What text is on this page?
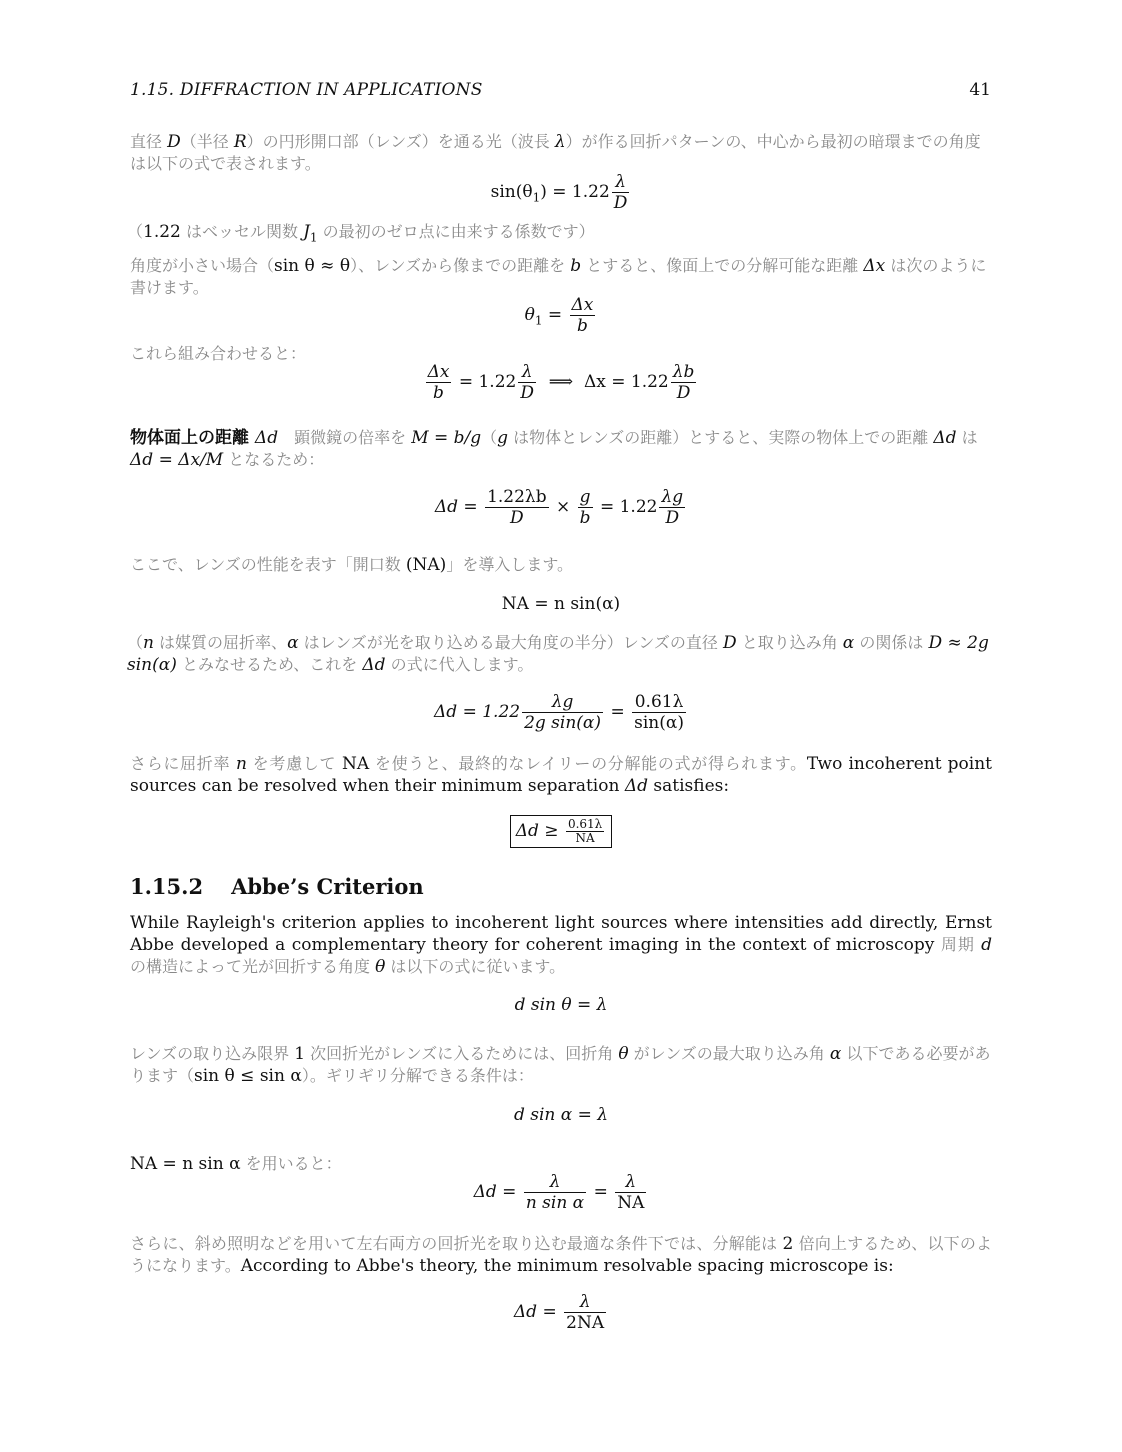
1.15. DIFFRACTION IN APPLICATIONS	41
直径 D（半径 R）の円形開口部（レンズ）を通る光（波長 λ）が作る回折パターンの、中心から最初の暗環までの角度は以下の式で表されます。
$\sin(\theta_1) = 1.22 \frac{\lambda}{D}$
（1.22 はベッセル関数 $J_1$ の最初のゼロ点に由来する係数です）
角度が小さい場合（sin θ ≈ θ）、レンズから像までの距離を b とすると、像面上での分解可能な距離 Δx は次のように書けます。
$\theta_1 = \frac{\Delta x}{b}$
これら組み合わせると：
$\frac{\Delta x}{b} = 1.22 \frac{\lambda}{D}$ ⟹  $\Delta x = 1.22 \frac{\lambda b}{D}$
物体面上の距離 Δd　顕微鏡の倍率を M = b/g（g は物体とレンズの距離）とすると、実際の物体上での距離 Δd は Δd = Δx/M となるため：
$\Delta d = \frac{1.22\lambda b}{D} \times \frac{g}{b} = 1.22 \frac{\lambda g}{D}$
ここで、レンズの性能を表す「開口数 (NA)」を導入します。
NA = n sin(α)
（n は媒質の屈折率、α はレンズが光を取り込める最大角度の半分）レンズの直径 D と取り込み角 α の関係は D ≈ 2g sin(α) とみなせるため、これを Δd の式に代入します。
$\Delta d = 1.22 \frac{\lambda g}{\text{2g sin(α)}} = \frac{0.61\lambda}{\sin(\alpha)}$
さらに屈折率 n を考慮して NA を使うと、最終的なレイリーの分解能の式が得られます。Two incoherent point sources can be resolved when their minimum separation Δd satisfies:
$\Delta d \ge \frac{0.61\lambda}{NA}$
1.15.2 Abbe’s Criterion
While Rayleigh's criterion applies to incoherent light sources where intensities add directly, Ernst Abbe developed a complementary theory for coherent imaging in the context of microscopy 周期 d の構造によって光が回折する角度 θ は以下の式に従います。
d sin θ = λ
レンズの取り込み限界 1 次回折光がレンズに入るためには、回折角 θ がレンズの最大取り込み角 α 以下である必要があります（sin θ ≤ sin α）。ギリギリ分解できる条件は：
d sin α = λ
NA = n sin α を用いると：
$\Delta d = \frac{\lambda}{\text{n sin α}} = \frac{\lambda}{NA}$
さらに、斜め照明などを用いて左右両方の回折光を取り込む最適な条件下では、分解能は 2 倍向上するため、以下のようになります。According to Abbe's theory, the minimum resolvable spacing microscope is:
$\Delta d = \frac{\lambda}{2NA}$
